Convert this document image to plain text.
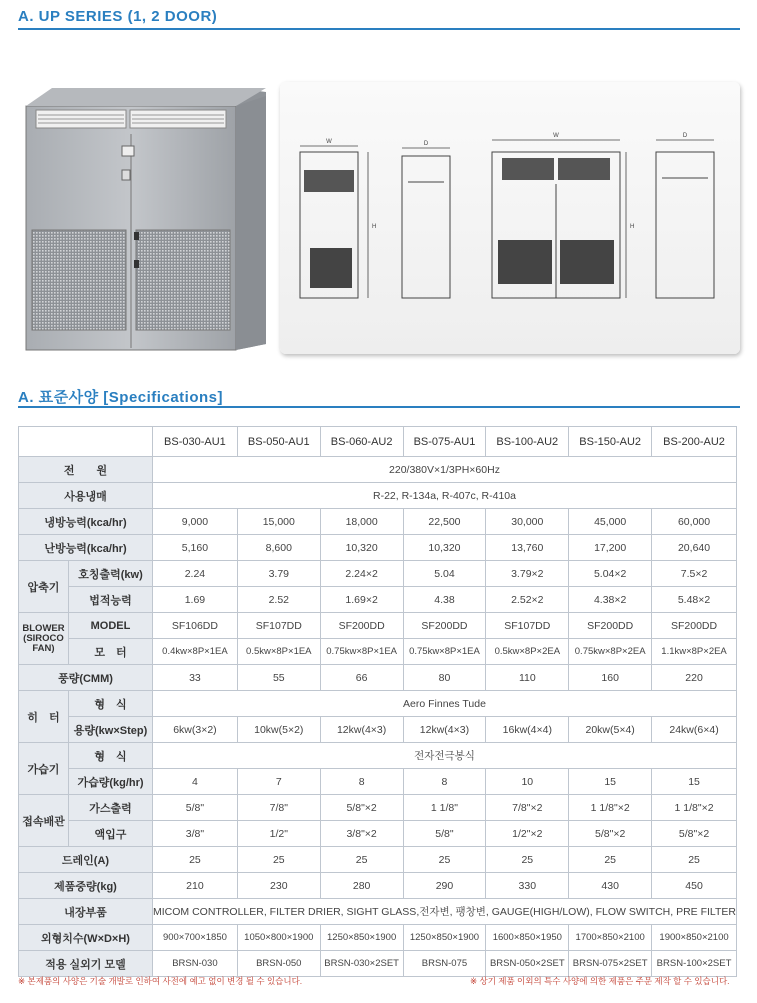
A. UP SERIES (1, 2 DOOR)
W	D
W	D
H	H
A. 표준사양 [Specifications]
		BS-030-AU1	BS-050-AU1	BS-060-AU2	BS-075-AU1	BS-100-AU2	BS-150-AU2	BS-200-AU2
전　　원		220/380V×1/3PH×60Hz						
사용냉매		R-22, R-134a, R-407c, R-410a						
냉방능력(kca/hr)		9,000	15,000	18,000	22,500	30,000	45,000	60,000
난방능력(kca/hr)		5,160	8,600	10,320	10,320	13,760	17,200	20,640
압축기	호칭출력(kw)	2.24	3.79	2.24×2	5.04	3.79×2	5.04×2	7.5×2
	법적능력	1.69	2.52	1.69×2	4.38	2.52×2	4.38×2	5.48×2
BLOWER (SIROCO FAN)	MODEL	SF106DD	SF107DD	SF200DD	SF200DD	SF107DD	SF200DD	SF200DD
	모　터	0.4kw×8P×1EA	0.5kw×8P×1EA	0.75kw×8P×1EA	0.75kw×8P×1EA	0.5kw×8P×2EA	0.75kw×8P×2EA	1.1kw×8P×2EA
풍량(CMM)		33	55	66	80	110	160	220
히　터	형　식	Aero Finnes Tude						
	용량(kw×Step)	6kw(3×2)	10kw(5×2)	12kw(4×3)	12kw(4×3)	16kw(4×4)	20kw(5×4)	24kw(6×4)
가습기	형　식	전자전극봉식						
	가습량(kg/hr)	4	7	8	8	10	15	15
접속배관	가스출력	5/8"	7/8"	5/8"×2	1 1/8"	7/8"×2	1 1/8"×2	1 1/8"×2
	액입구	3/8"	1/2"	3/8"×2	5/8"	1/2"×2	5/8"×2	5/8"×2
드레인(A)		25	25	25	25	25	25	25
제품중량(kg)		210	230	280	290	330	430	450
내장부품		MICOM CONTROLLER, FILTER DRIER, SIGHT GLASS,전자변, 팽창변, GAUGE(HIGH/LOW), FLOW SWITCH, PRE FILTER						
외형치수(W×D×H)		900×700×1850	1050×800×1900	1250×850×1900	1250×850×1900	1600×850×1950	1700×850×2100	1900×850×2100
적용 실외기 모델		BRSN-030	BRSN-050	BRSN-030×2SET	BRSN-075	BRSN-050×2SET	BRSN-075×2SET	BRSN-100×2SET
※ 본제품의 사양은 기술 개발로 인하여 사전에 예고 없이 변경 될 수 있습니다.	※ 상기 제품 이외의 특수 사양에 의한 제품은 주문 제작 할 수 있습니다.
